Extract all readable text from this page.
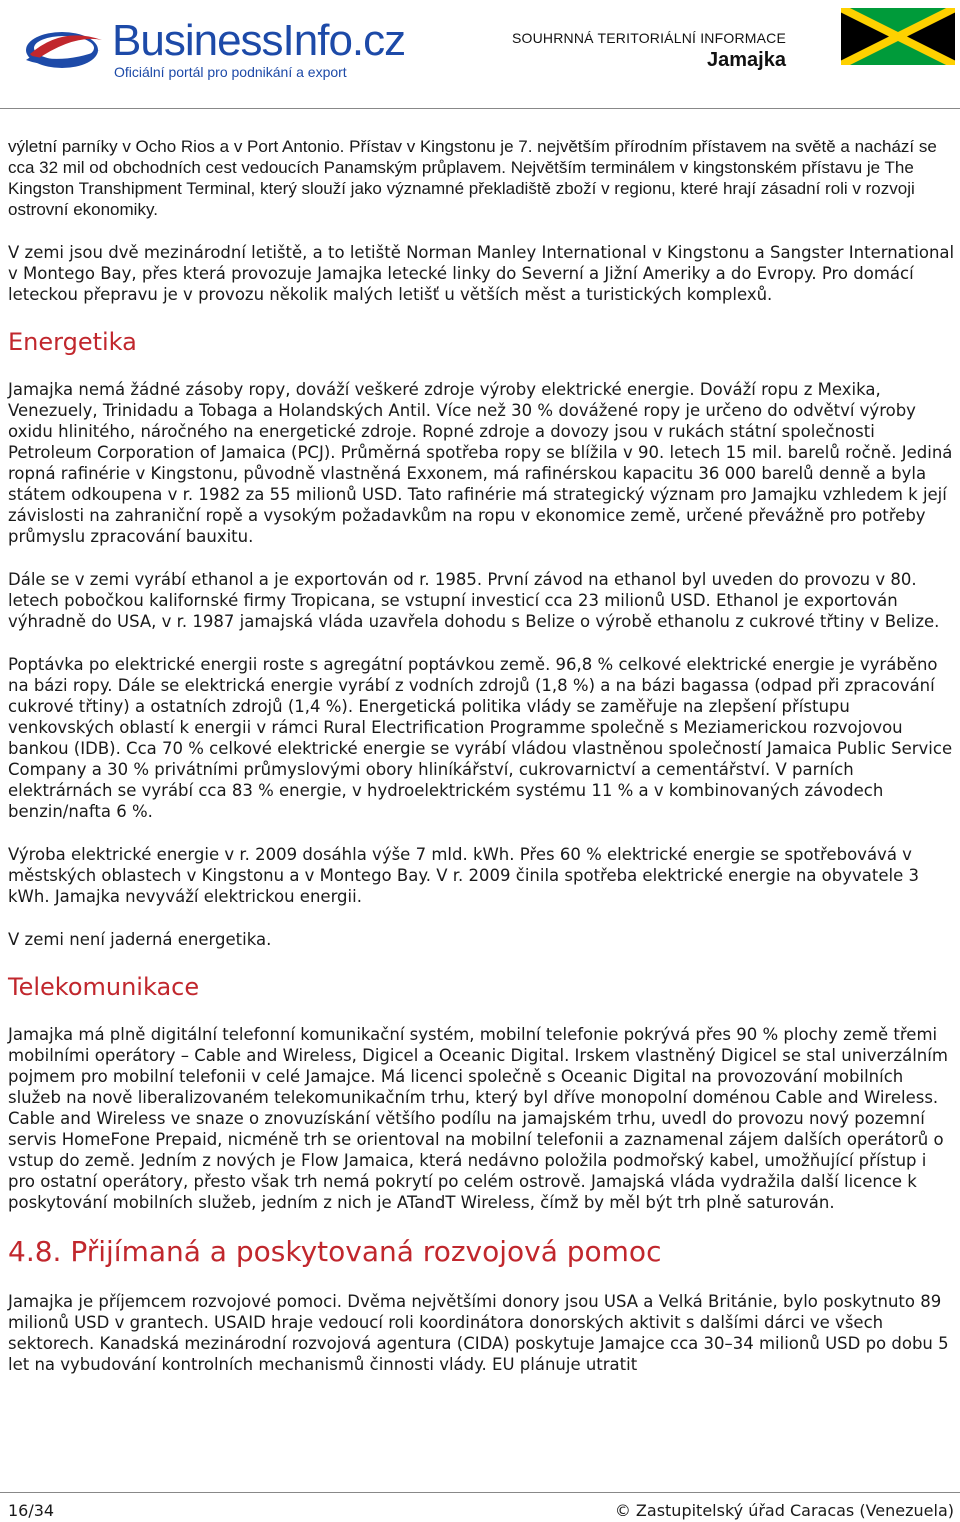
BusinessInfo.cz
Oficiální portál pro podnikání a export
SOUHRNNÁ TERITORIÁLNÍ INFORMACE
Jamajka

výletní parníky v Ocho Rios a v Port Antonio. Přístav v Kingstonu je 7. největším přírodním přístavem na světě a nachází se cca 32 mil od obchodních cest vedoucích Panamským průplavem. Největším terminálem v kingstonském přístavu je The Kingston Transhipment Terminal, který slouží jako významné překladiště zboží v regionu, které hrají zásadní roli v rozvoji ostrovní ekonomiky.

V zemi jsou dvě mezinárodní letiště, a to letiště Norman Manley International v Kingstonu a Sangster International v Montego Bay, přes která provozuje Jamajka letecké linky do Severní a Jižní Ameriky a do Evropy. Pro domácí leteckou přepravu je v provozu několik malých letišť u větších měst a turistických komplexů.

Energetika

Jamajka nemá žádné zásoby ropy, dováží veškeré zdroje výroby elektrické energie. Dováží ropu z Mexika, Venezuely, Trinidadu a Tobaga a Holandských Antil. Více než 30 % dovážené ropy je určeno do odvětví výroby oxidu hlinitého, náročného na energetické zdroje. Ropné zdroje a dovozy jsou v rukách státní společnosti Petroleum Corporation of Jamaica (PCJ). Průměrná spotřeba ropy se blížila v 90. letech 15 mil. barelů ročně. Jediná ropná rafinérie v Kingstonu, původně vlastněná Exxonem, má rafinérskou kapacitu 36 000 barelů denně a byla státem odkoupena v r. 1982 za 55 milionů USD. Tato rafinérie má strategický význam pro Jamajku vzhledem k její závislosti na zahraniční ropě a vysokým požadavkům na ropu v ekonomice země, určené převážně pro potřeby průmyslu zpracování bauxitu.

Dále se v zemi vyrábí ethanol a je exportován od r. 1985. První závod na ethanol byl uveden do provozu v 80. letech pobočkou kalifornské firmy Tropicana, se vstupní investicí cca 23 milionů USD. Ethanol je exportován výhradně do USA, v r. 1987 jamajská vláda uzavřela dohodu s Belize o výrobě ethanolu z cukrové třtiny v Belize.

Poptávka po elektrické energii roste s agregátní poptávkou země. 96,8 % celkové elektrické energie je vyráběno na bázi ropy. Dále se elektrická energie vyrábí z vodních zdrojů (1,8 %) a na bázi bagassa (odpad při zpracování cukrové třtiny) a ostatních zdrojů (1,4 %). Energetická politika vlády se zaměřuje na zlepšení přístupu venkovských oblastí k energii v rámci Rural Electrification Programme společně s Meziamerickou rozvojovou bankou (IDB). Cca 70 % celkové elektrické energie se vyrábí vládou vlastněnou společností Jamaica Public Service Company a 30 % privátními průmyslovými obory hliníkářství, cukrovarnictví a cementářství. V parních elektrárnách se vyrábí cca 83 % energie, v hydroelektrickém systému 11 % a v kombinovaných závodech benzin/nafta 6 %.

Výroba elektrické energie v r. 2009 dosáhla výše 7 mld. kWh. Přes 60 % elektrické energie se spotřebovává v městských oblastech v Kingstonu a v Montego Bay. V r. 2009 činila spotřeba elektrické energie na obyvatele 3 kWh. Jamajka nevyváží elektrickou energii.

V zemi není jaderná energetika.

Telekomunikace

Jamajka má plně digitální telefonní komunikační systém, mobilní telefonie pokrývá přes 90 % plochy země třemi mobilními operátory – Cable and Wireless, Digicel a Oceanic Digital. Irskem vlastněný Digicel se stal univerzálním pojmem pro mobilní telefonii v celé Jamajce. Má licenci společně s Oceanic Digital na provozování mobilních služeb na nově liberalizovaném telekomunikačním trhu, který byl dříve monopolní doménou Cable and Wireless. Cable and Wireless ve snaze o znovuzískání většího podílu na jamajském trhu, uvedl do provozu nový pozemní servis HomeFone Prepaid, nicméně trh se orientoval na mobilní telefonii a zaznamenal zájem dalších operátorů o vstup do země. Jedním z nových je Flow Jamaica, která nedávno položila podmořský kabel, umožňující přístup i pro ostatní operátory, přesto však trh nemá pokrytí po celém ostrově. Jamajská vláda vydražila další licence k poskytování mobilních služeb, jedním z nich je ATandT Wireless, čímž by měl být trh plně saturován.

4.8. Přijímaná a poskytovaná rozvojová pomoc

Jamajka je příjemcem rozvojové pomoci. Dvěma největšími donory jsou USA a Velká Británie, bylo poskytnuto 89 milionů USD v grantech. USAID hraje vedoucí roli koordinátora donorských aktivit s dalšími dárci ve všech sektorech. Kanadská mezinárodní rozvojová agentura (CIDA) poskytuje Jamajce cca 30–34 milionů USD po dobu 5 let na vybudování kontrolních mechanismů činnosti vlády. EU plánuje utratit

16/34	© Zastupitelský úřad Caracas (Venezuela)
